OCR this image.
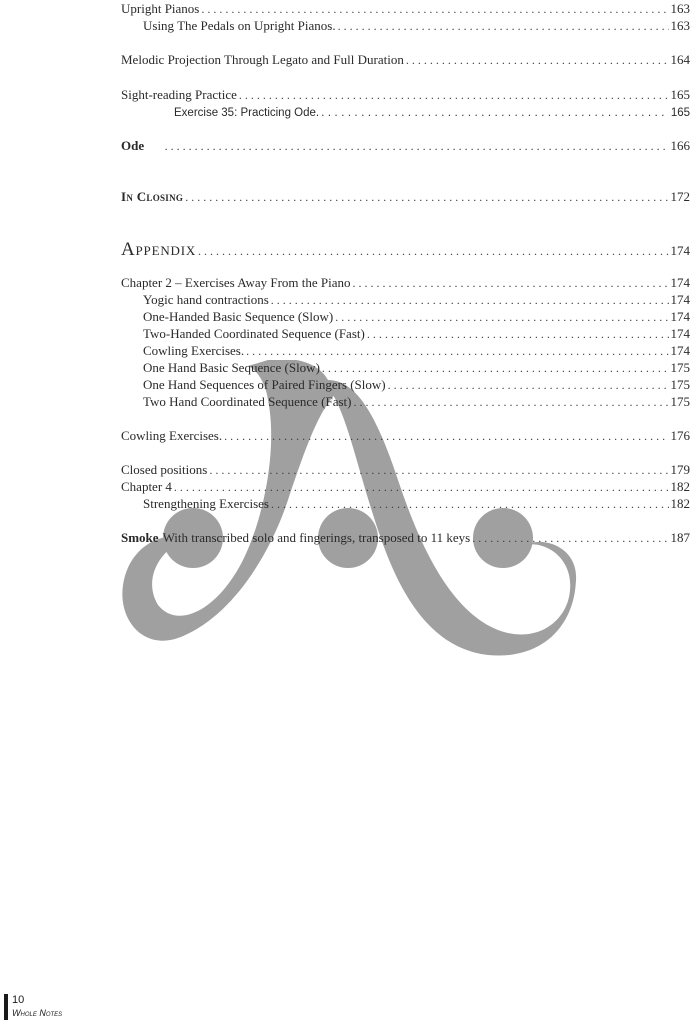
Upright Pianos . . .	163
Using The Pedals on Upright Pianos. . . .	163
Melodic Projection Through Legato and Full Duration . . .	164
Sight-reading Practice . . .	165
Exercise 35: Practicing Ode. . . .	165
Ode . . .	166
In Closing . . .	172
Appendix . . .	174
Chapter 2 – Exercises Away From the Piano . . .	174
Yogic hand contractions . . .	174
One-Handed Basic Sequence (Slow) . . .	174
Two-Handed Coordinated Sequence (Fast) . . .	174
Cowling Exercises. . . .	174
One Hand Basic Sequence (Slow) . . .	175
One Hand Sequences of Paired Fingers (Slow) . . .	175
Two Hand Coordinated Sequence (Fast) . . .	175
Cowling Exercises. . . .	176
Closed positions . . .	179
Chapter 4 . . .	182
Strengthening Exercises . . .	182
Smoke With transcribed solo and fingerings, transposed to 11 keys . . .	187
10
Whole Notes
